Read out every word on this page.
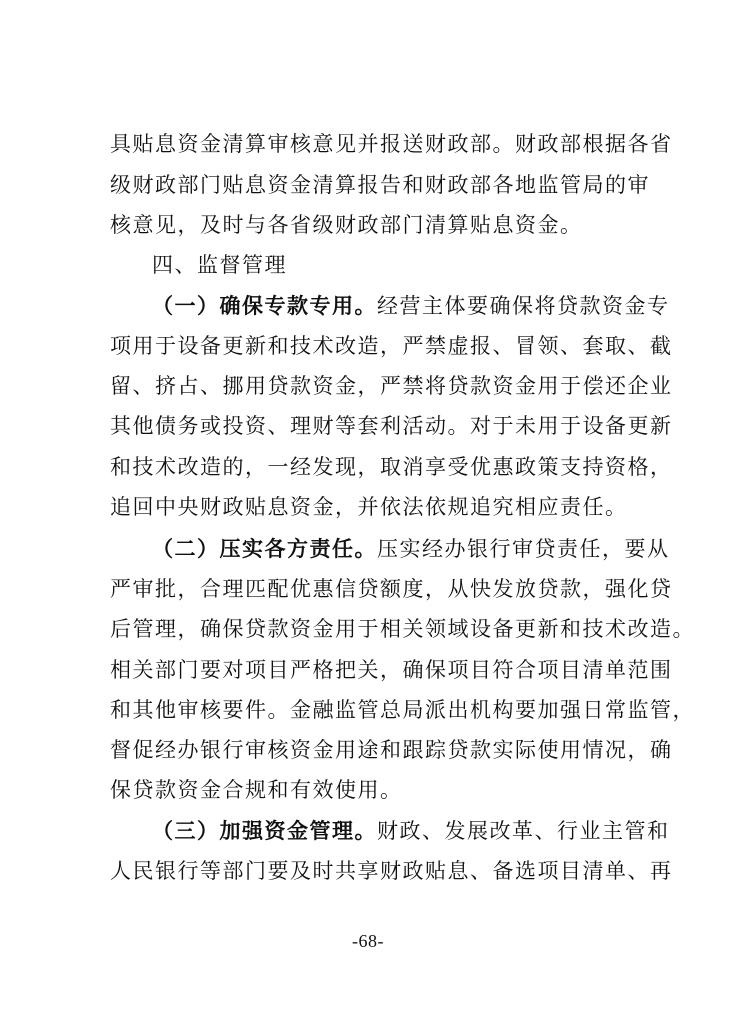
具贴息资金清算审核意见并报送财政部。财政部根据各省
级财政部门贴息资金清算报告和财政部各地监管局的审
核意见，及时与各省级财政部门清算贴息资金。
四、监督管理
（一）确保专款专用。经营主体要确保将贷款资金专
项用于设备更新和技术改造，严禁虚报、冒领、套取、截
留、挤占、挪用贷款资金，严禁将贷款资金用于偿还企业
其他债务或投资、理财等套利活动。对于未用于设备更新
和技术改造的，一经发现，取消享受优惠政策支持资格，
追回中央财政贴息资金，并依法依规追究相应责任。
（二）压实各方责任。压实经办银行审贷责任，要从
严审批，合理匹配优惠信贷额度，从快发放贷款，强化贷
后管理，确保贷款资金用于相关领域设备更新和技术改造。
相关部门要对项目严格把关，确保项目符合项目清单范围
和其他审核要件。金融监管总局派出机构要加强日常监管，
督促经办银行审核资金用途和跟踪贷款实际使用情况，确
保贷款资金合规和有效使用。
（三）加强资金管理。财政、发展改革、行业主管和
人民银行等部门要及时共享财政贴息、备选项目清单、再
-68-
